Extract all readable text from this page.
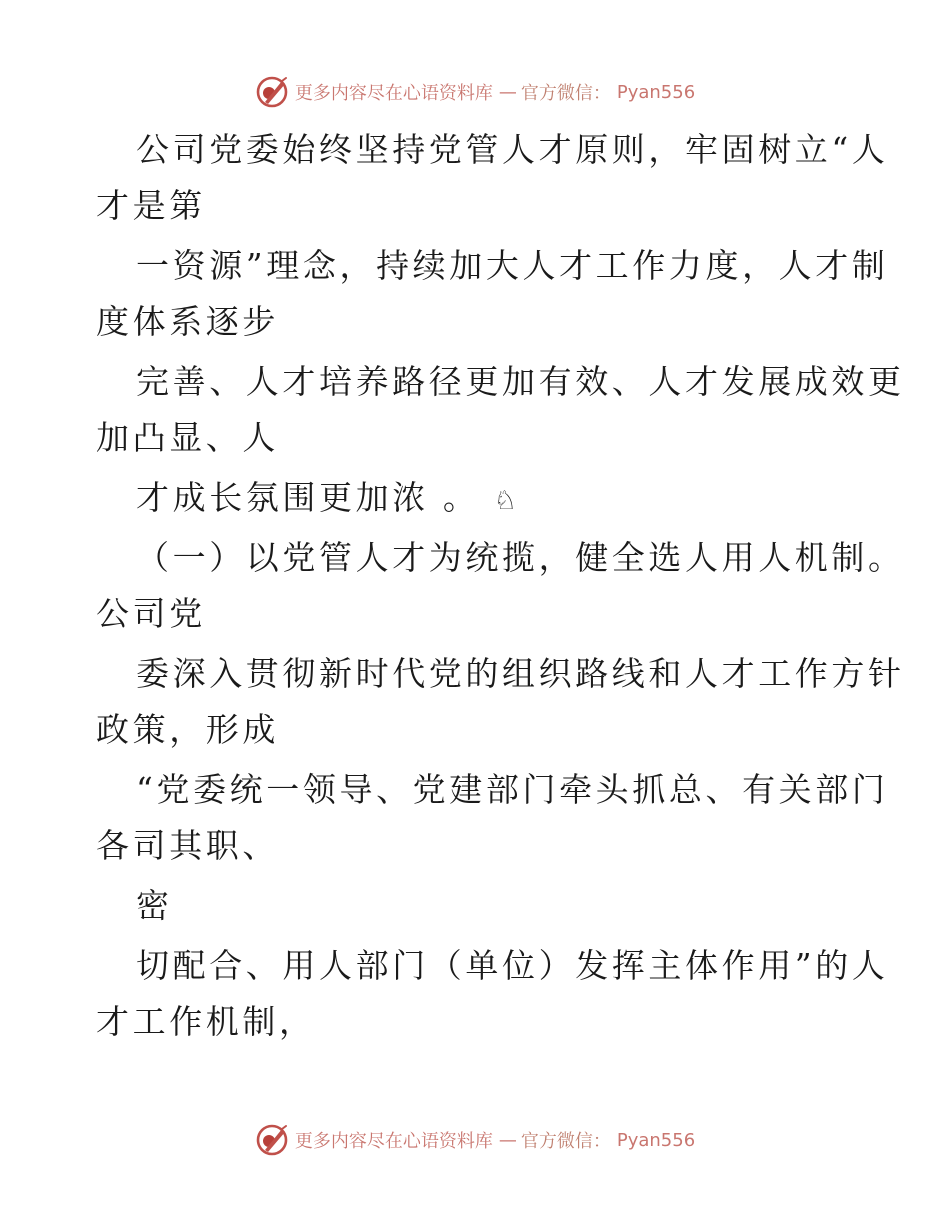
更多内容尽在心语资料库 — 官方微信： Pyan556
公司党委始终坚持党管人才原则，牢固树立“人
才是第
一资源”理念，持续加大人才工作力度，人才制
度体系逐步
完善、人才培养路径更加有效、人才发展成效更
加凸显、人
才成长氛围更加浓 。 ♘
（一）以党管人才为统揽，健全选人用人机制。
公司党
委深入贯彻新时代党的组织路线和人才工作方针
政策，形成
“党委统一领导、党建部门牵头抓总、有关部门
各司其职、
密
切配合、用人部门（单位）发挥主体作用”的人
才工作机制，
更多内容尽在心语资料库 — 官方微信： Pyan556
